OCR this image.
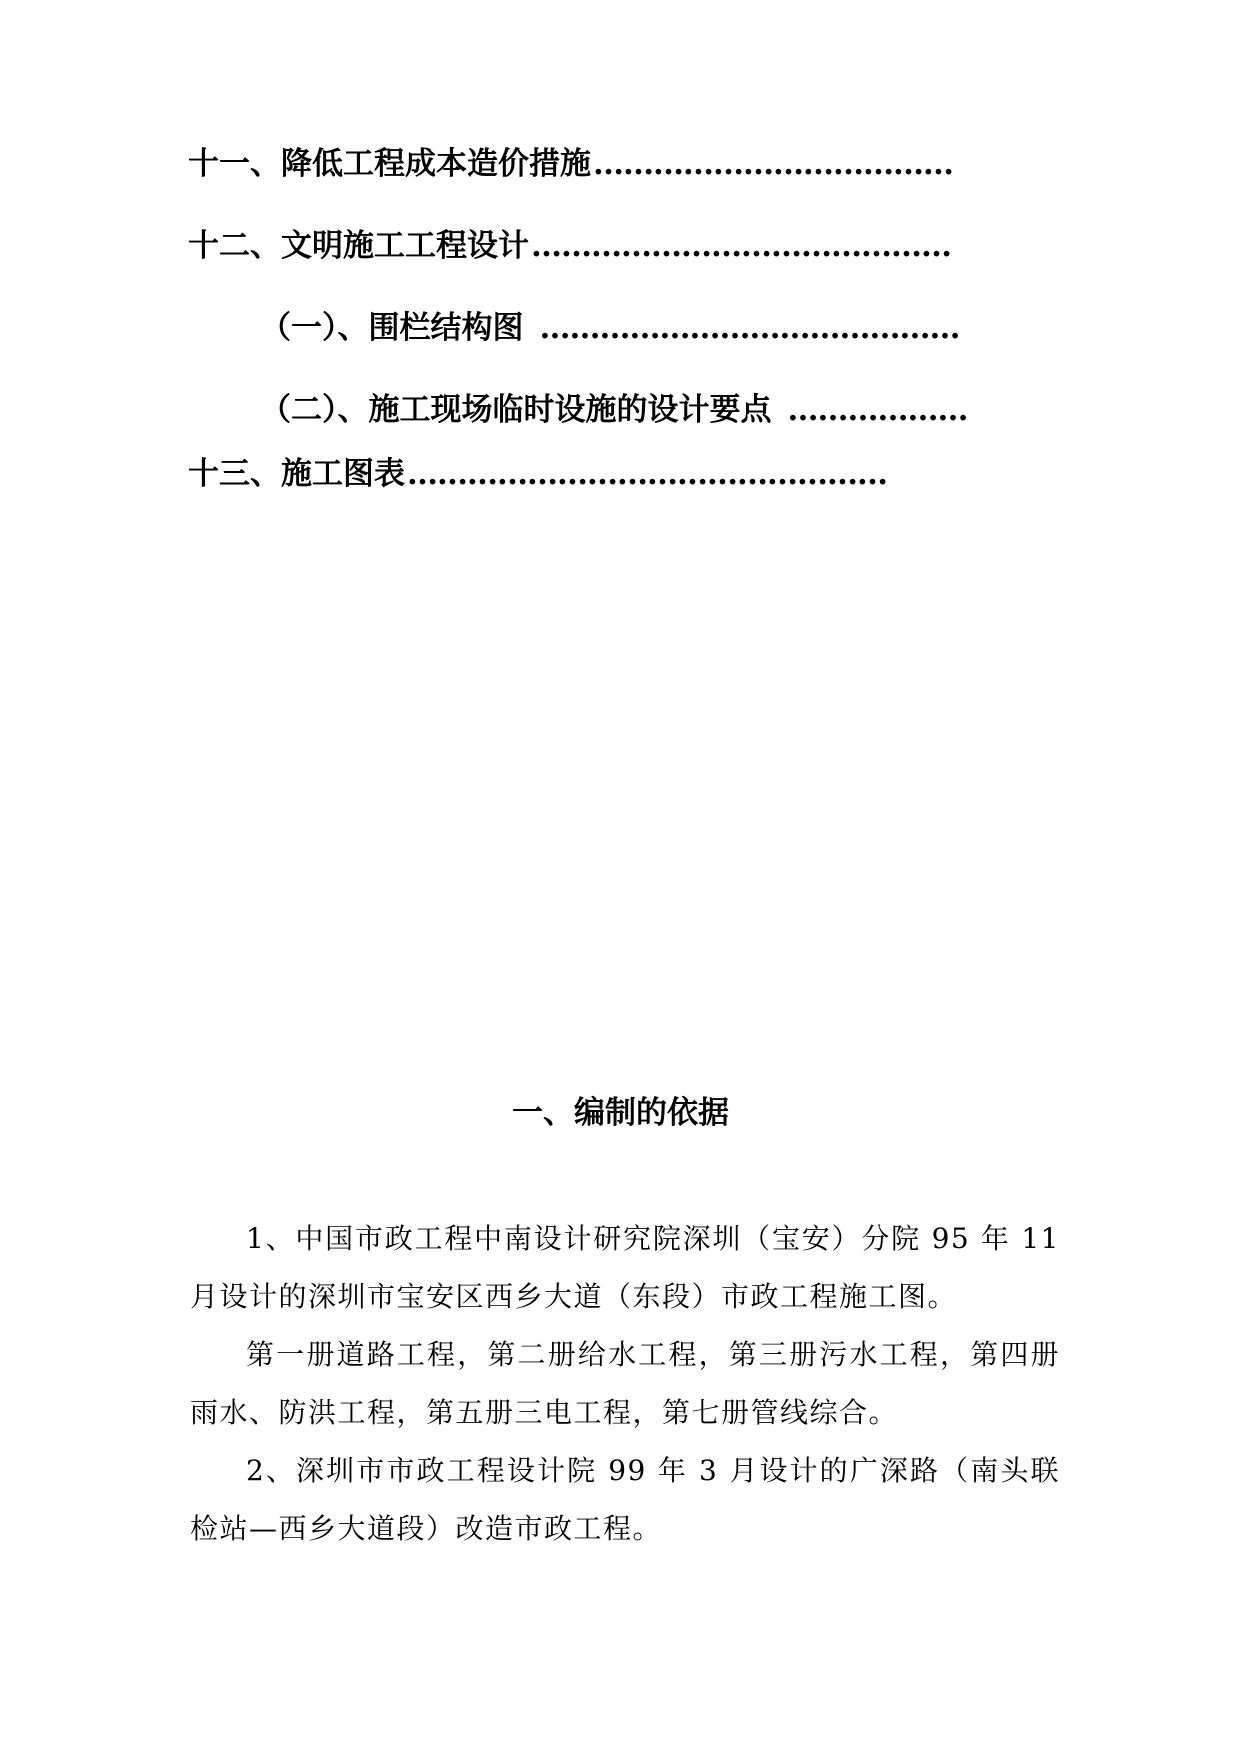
十一、降低工程成本造价措施 ………………………………
十二、文明施工工程设计 ……………………………………
（一）、围栏结构图 ……………………………………
（二）、施工现场临时设施的设计要点 ………………
十三、施工图表 …………………………………………
一、编制的依据

1、中国市政工程中南设计研究院深圳（宝安）分院 95 年 11 月设计的深圳市宝安区西乡大道（东段）市政工程施工图。

第一册道路工程，第二册给水工程，第三册污水工程，第四册雨水、防洪工程，第五册三电工程，第七册管线综合。

2、深圳市市政工程设计院 99 年 3 月设计的广深路（南头联检站—西乡大道段）改造市政工程。
